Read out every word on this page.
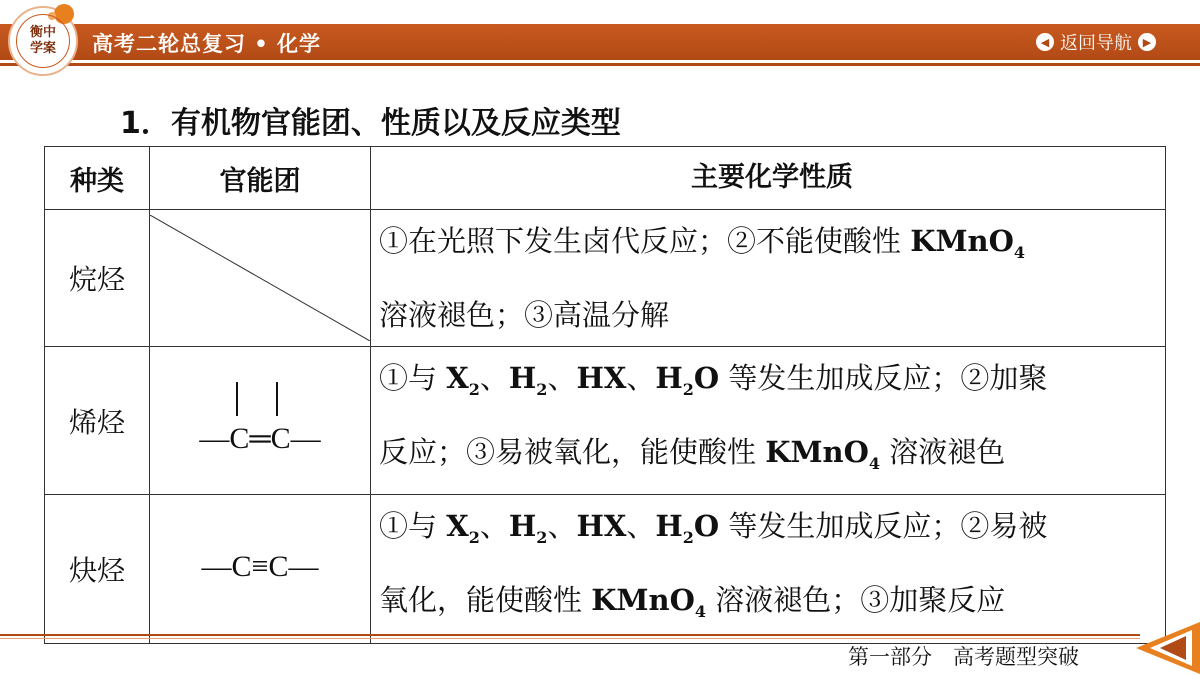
衡中
学案	高考二轮总复习 • 化学	◀ 返回导航 ▶
1．有机物官能团、性质以及反应类型
种类	官能团	主要化学性质
烷烃		①在光照下发生卤代反应；②不能使酸性 KMnO$_4$
溶液褪色；③高温分解
烯烃	—C═C—	①与 $X_2$、$H_2$、HX、$H_2O$ 等发生加成反应；②加聚
反应；③易被氧化，能使酸性 KMnO$_4$ 溶液褪色
炔烃	—C≡C—	①与 $X_2$、$H_2$、HX、$H_2O$ 等发生加成反应；②易被
氧化，能使酸性 KMnO$_4$ 溶液褪色；③加聚反应
第一部分　高考题型突破
